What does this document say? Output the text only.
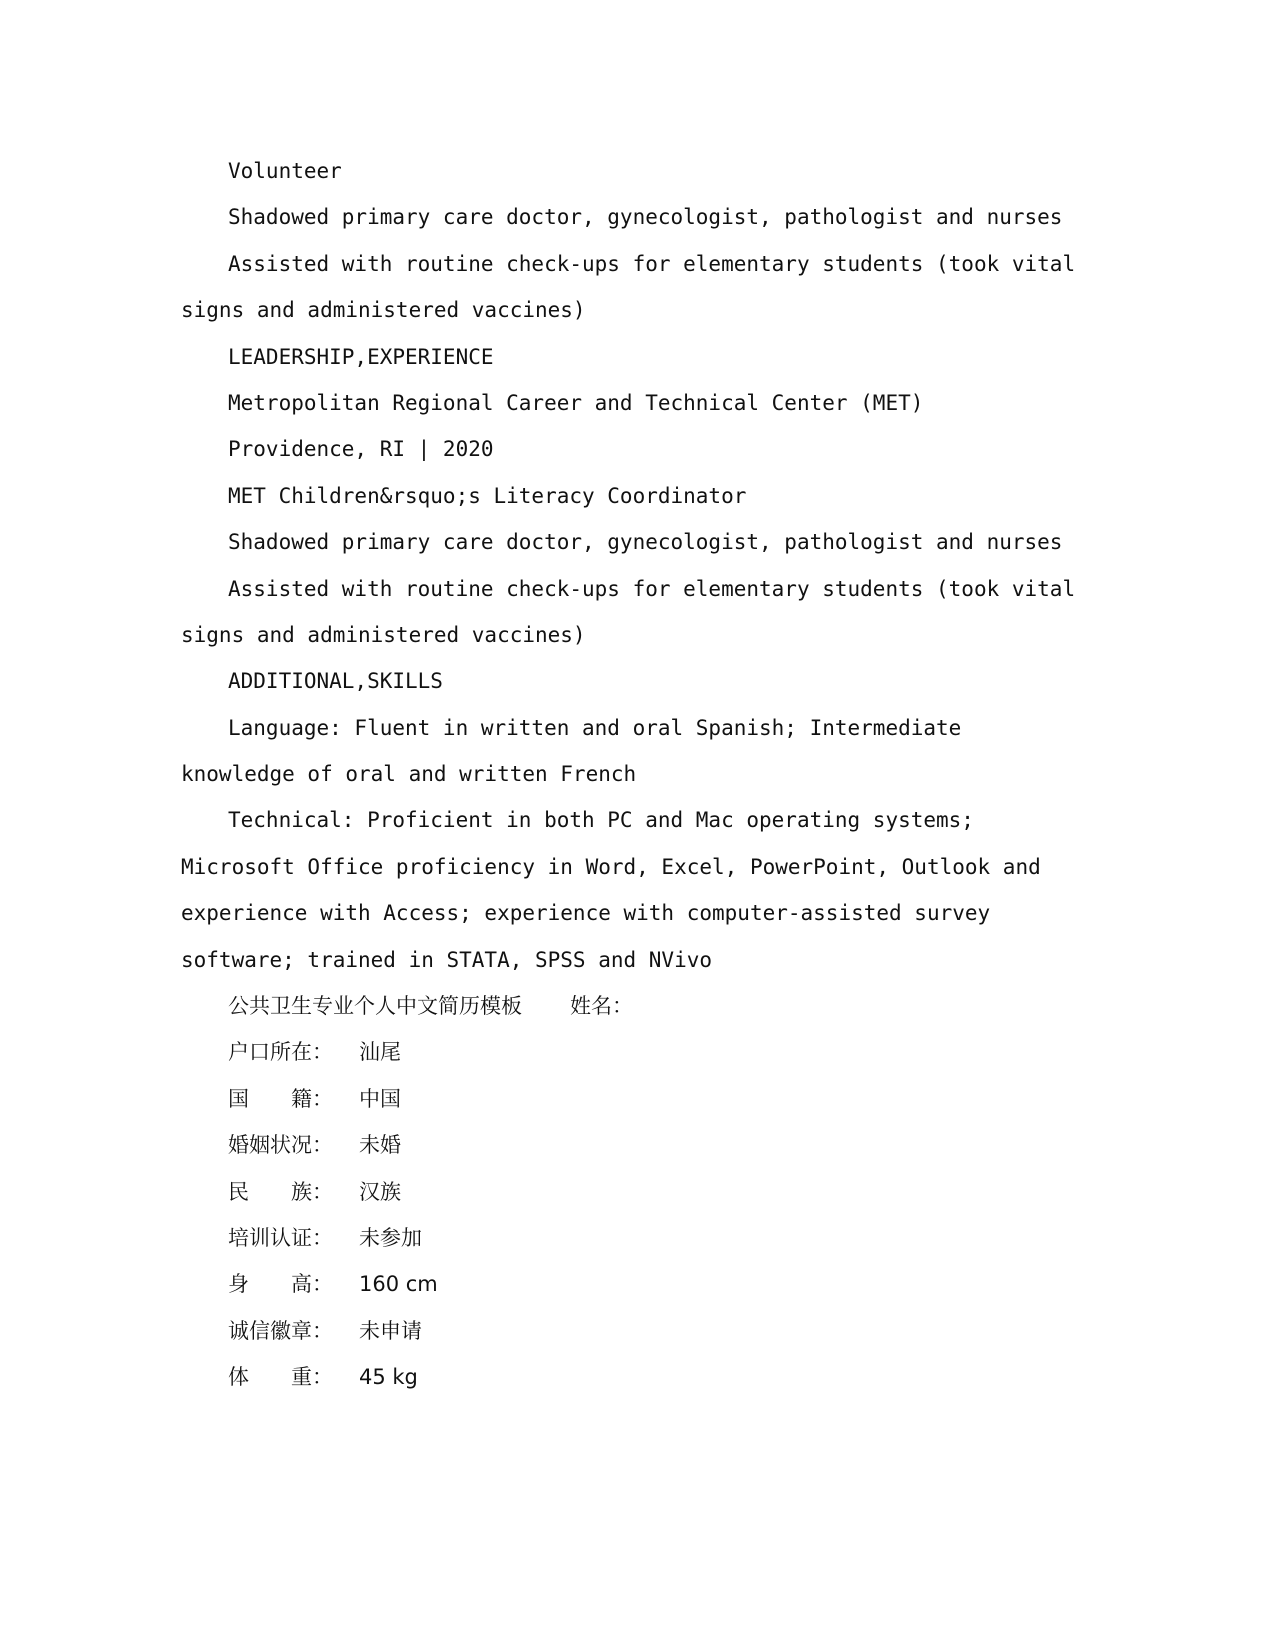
Volunteer
Shadowed primary care doctor, gynecologist, pathologist and nurses
Assisted with routine check-ups for elementary students (took vital
signs and administered vaccines)
LEADERSHIP,EXPERIENCE
Metropolitan Regional Career and Technical Center (MET)
Providence, RI | 2020
MET Children&rsquo;s Literacy Coordinator
Shadowed primary care doctor, gynecologist, pathologist and nurses
Assisted with routine check-ups for elementary students (took vital
signs and administered vaccines)
ADDITIONAL,SKILLS
Language: Fluent in written and oral Spanish; Intermediate
knowledge of oral and written French
Technical: Proficient in both PC and Mac operating systems;
Microsoft Office proficiency in Word, Excel, PowerPoint, Outlook and
experience with Access; experience with computer-assisted survey
software; trained in STATA, SPSS and NVivo
公共卫生专业个人中文简历模板 姓名：
户口所在：	汕尾
国　　籍：	中国
婚姻状况：	未婚
民　　族：	汉族
培训认证：	未参加
身　　高：	160 cm
诚信徽章：	未申请
体　　重：	45 kg
